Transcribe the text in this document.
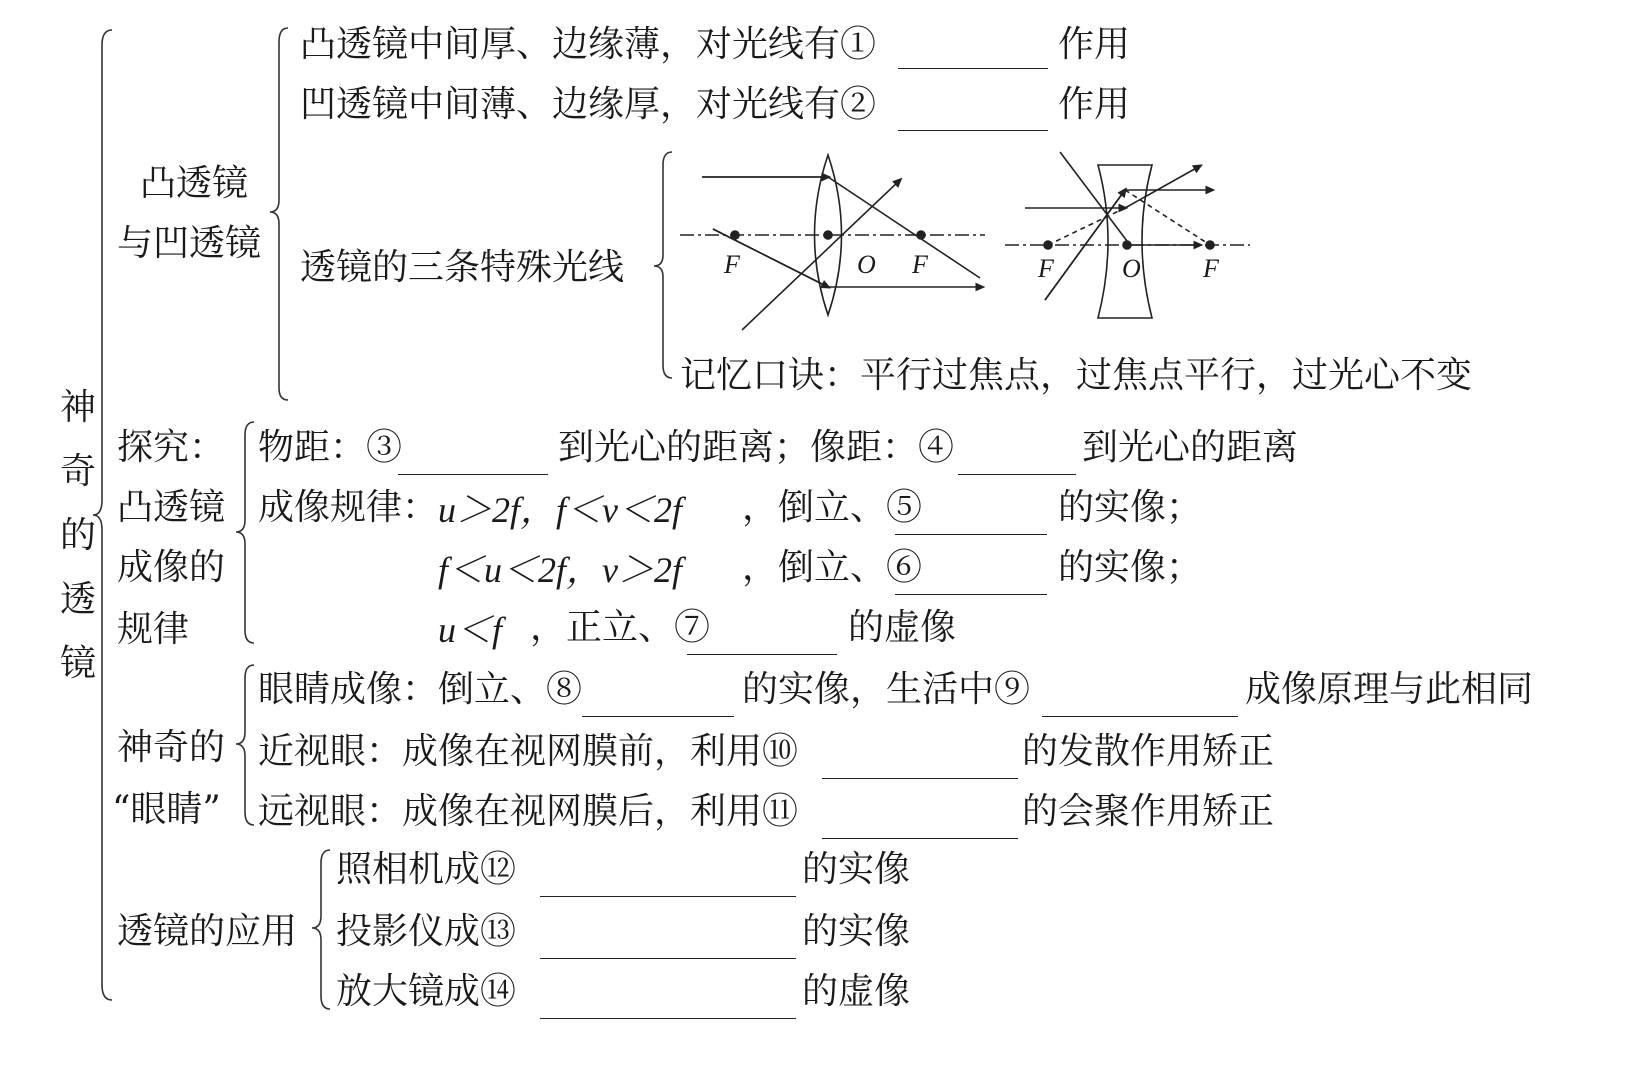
F	O F	F	O F
神奇的透镜
凸透镜
与凹透镜
凸透镜中间厚、边缘薄，对光线有①	作用
凹透镜中间薄、边缘厚，对光线有②	作用
透镜的三条特殊光线
记忆口诀：平行过焦点，过焦点平行，过光心不变
探究：
凸透镜
成像的
规律
物距：③	到光心的距离；像距：④	到光心的距离
成像规律： u＞2f，f＜v＜2f ，倒立、⑤	的实像；
f＜u＜2f，v＞2f ，倒立、⑥	的实像；
u＜f ，正立、⑦	的虚像
神奇的
“眼睛”
眼睛成像：倒立、⑧	的实像，生活中⑨	成像原理与此相同
近视眼：成像在视网膜前，利用⑩	的发散作用矫正
远视眼：成像在视网膜后，利用⑪	的会聚作用矫正
透镜的应用
照相机成⑫	的实像
投影仪成⑬	的实像
放大镜成⑭	的虚像
